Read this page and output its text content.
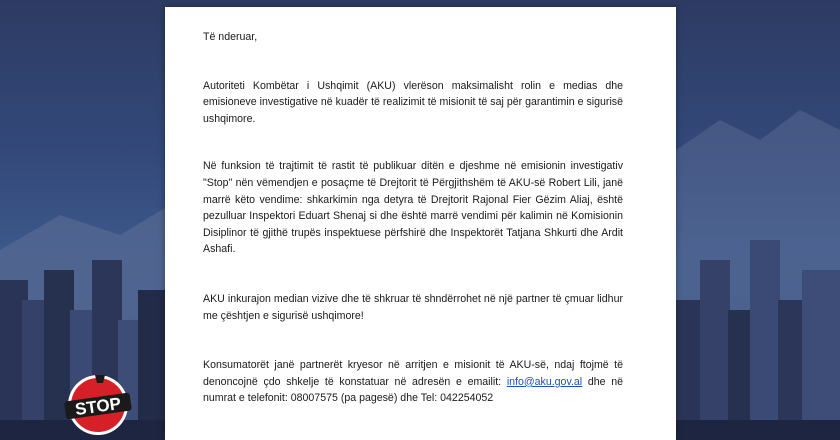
Të nderuar,

Autoriteti Kombëtar i Ushqimit (AKU) vlerëson maksimalisht rolin e medias dhe emisioneve investigative në kuadër të realizimit të misionit të saj për garantimin e sigurisë ushqimore.

Në funksion të trajtimit të rastit të publikuar ditën e djeshme në emisionin investigativ "Stop" nën vëmendjen e posaçme të Drejtorit të Përgjithshëm të AKU-së Robert Lili, janë marrë këto vendime: shkarkimin nga detyra të Drejtorit Rajonal Fier Gëzim Aliaj, është pezulluar Inspektori Eduart Shenaj si dhe është marrë vendimi për kalimin në Komisionin Disiplinor të gjithë trupës inspektuese përfshirë dhe Inspektorët Tatjana Shkurti dhe Ardit Ashafi.

AKU inkurajon median vizive dhe të shkruar të shndërrohet në një partner të çmuar lidhur me çështjen e sigurisë ushqimore!

Konsumatorët janë partnerët kryesor në arritjen e misionit të AKU-së, ndaj ftojmë të denoncojnë çdo shkelje të konstatuar në adresën e emailit: info@aku.gov.al dhe në numrat e telefonit: 08007575 (pa pagesë) dhe Tel: 042254052

STOP
